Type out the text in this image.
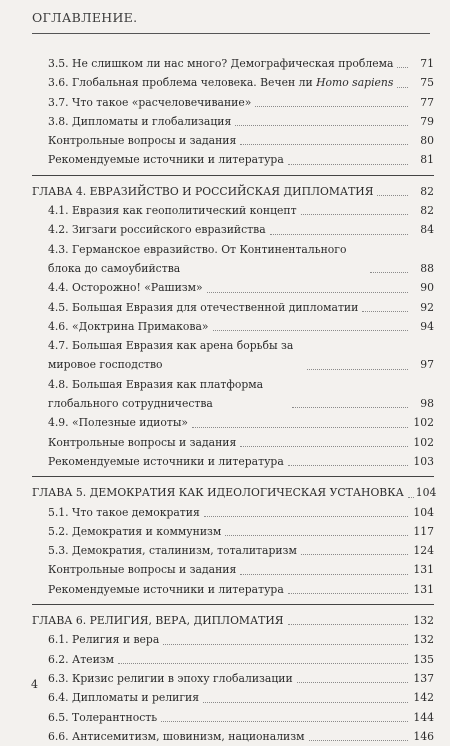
ОГЛАВЛЕНИЕ.
3.5. Не слишком ли нас много? Демографическая проблема	71
3.6. Глобальная проблема человека. Вечен ли Homo sapiens	75
3.7. Что такое «расчеловечивание»	77
3.8. Дипломаты и глобализация	79
Контрольные вопросы и задания	80
Рекомендуемые источники и литература	81
ГЛАВА 4. ЕВРАЗИЙСТВО И РОССИЙСКАЯ ДИПЛОМАТИЯ	82
4.1. Евразия как геополитический концепт	82
4.2. Зигзаги российского евразийства	84
4.3. Германское евразийство. От Континентального блока до самоубийства	88
4.4. Осторожно! «Рашизм»	90
4.5. Большая Евразия для отечественной дипломатии	92
4.6. «Доктрина Примакова»	94
4.7. Большая Евразия как арена борьбы за мировое господство	97
4.8. Большая Евразия как платформа глобального сотрудничества	98
4.9. «Полезные идиоты»	102
Контрольные вопросы и задания	102
Рекомендуемые источники и литература	103
ГЛАВА 5. ДЕМОКРАТИЯ КАК ИДЕОЛОГИЧЕСКАЯ УСТАНОВКА 104
5.1. Что такое демократия	104
5.2. Демократия и коммунизм	117
5.3. Демократия, сталинизм, тоталитаризм	124
Контрольные вопросы и задания	131
Рекомендуемые источники и литература	131
ГЛАВА 6. РЕЛИГИЯ, ВЕРА, ДИПЛОМАТИЯ	132
6.1. Религия и вера	132
6.2. Атеизм	135
6.3. Кризис религии в эпоху глобализации	137
6.4. Дипломаты и религия	142
6.5. Толерантность	144
6.6. Антисемитизм, шовинизм, национализм	146
4
